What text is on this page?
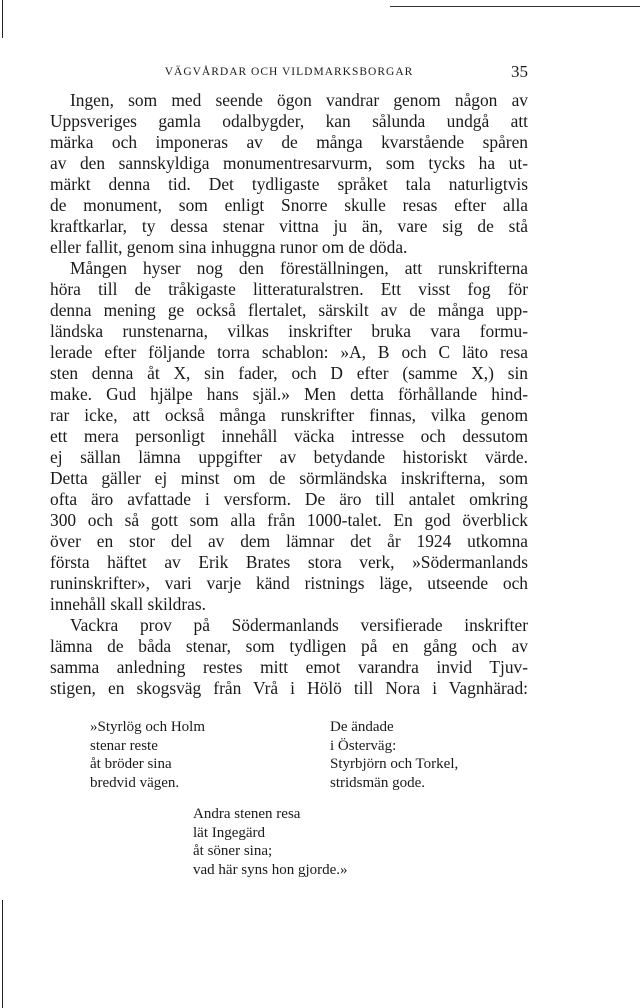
VÄGVÅRDAR OCH VILDMARKSBORGAR	35
Ingen, som med seende ögon vandrar genom någon av
Uppsveriges gamla odalbygder, kan sålunda undgå att
märka och imponeras av de många kvarstående spåren
av den sannskyldiga monumentresarvurm, som tycks ha ut-
märkt denna tid. Det tydligaste språket tala naturligtvis
de monument, som enligt Snorre skulle resas efter alla
kraftkarlar, ty dessa stenar vittna ju än, vare sig de stå
eller fallit, genom sina inhuggna runor om de döda.
Mången hyser nog den föreställningen, att runskrifterna
höra till de tråkigaste litteraturalstren. Ett visst fog för
denna mening ge också flertalet, särskilt av de många upp-
ländska runstenarna, vilkas inskrifter bruka vara formu-
lerade efter följande torra schablon: »A, B och C läto resa
sten denna åt X, sin fader, och D efter (samme X,) sin
make. Gud hjälpe hans själ.» Men detta förhållande hind-
rar icke, att också många runskrifter finnas, vilka genom
ett mera personligt innehåll väcka intresse och dessutom
ej sällan lämna uppgifter av betydande historiskt värde.
Detta gäller ej minst om de sörmländska inskrifterna, som
ofta äro avfattade i versform. De äro till antalet omkring
300 och så gott som alla från 1000-talet. En god överblick
över en stor del av dem lämnar det år 1924 utkomna
första häftet av Erik Brates stora verk, »Södermanlands
runinskrifter», vari varje känd ristnings läge, utseende och
innehåll skall skildras.
Vackra prov på Södermanlands versifierade inskrifter
lämna de båda stenar, som tydligen på en gång och av
samma anledning restes mitt emot varandra invid Tjuv-
stigen, en skogsväg från Vrå i Hölö till Nora i Vagnhärad:
»Styrlög och Holm
stenar reste
åt bröder sina
bredvid vägen.
De ändade
i Österväg:
Styrbjörn och Torkel,
stridsmän gode.
Andra stenen resa
lät Ingegärd
åt söner sina;
vad här syns hon gjorde.»
